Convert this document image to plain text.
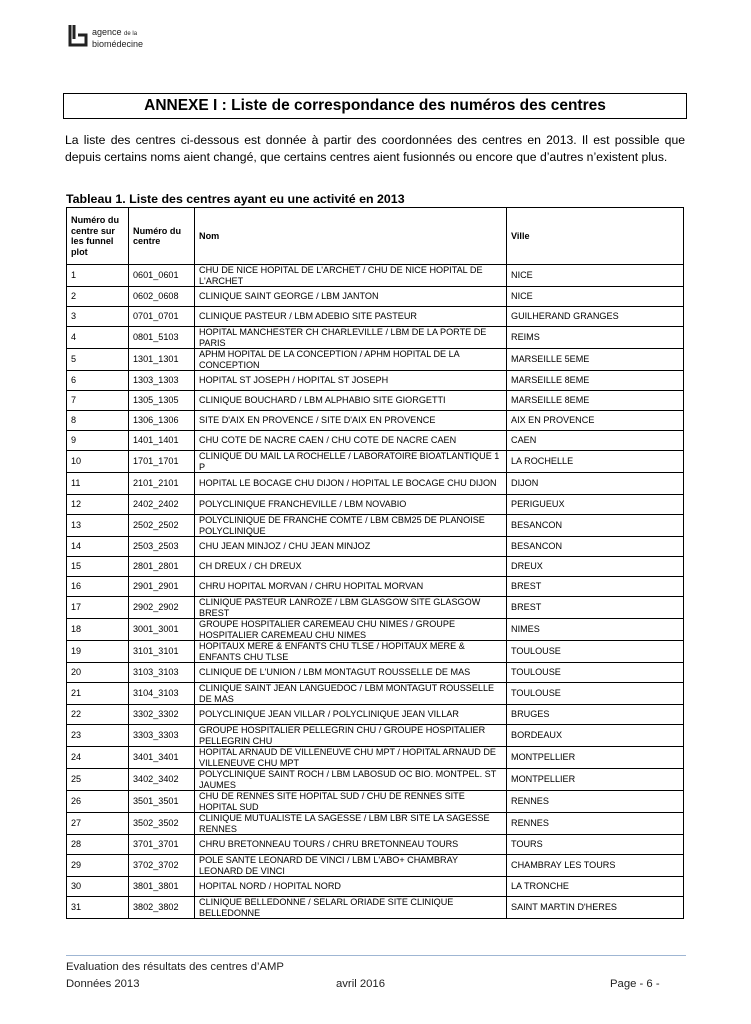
agence de la
biomédecine
ANNEXE I : Liste de correspondance des numéros des centres
La liste des centres ci-dessous est donnée à partir des coordonnées des centres en 2013. Il est possible que depuis certains noms aient changé, que certains centres aient fusionnés ou encore que d’autres n’existent plus.
Tableau 1. Liste des centres ayant eu une activité en 2013
Numéro du centre sur les funnel plot	Numéro du centre	Nom	Ville
1	0601_0601	CHU DE NICE HOPITAL DE L'ARCHET / CHU DE NICE HOPITAL DE L'ARCHET	NICE
2	0602_0608	CLINIQUE SAINT GEORGE / LBM JANTON	NICE
3	0701_0701	CLINIQUE PASTEUR / LBM ADEBIO SITE PASTEUR	GUILHERAND GRANGES
4	0801_5103	HOPITAL MANCHESTER CH CHARLEVILLE / LBM DE LA PORTE DE PARIS	REIMS
5	1301_1301	APHM HOPITAL DE LA CONCEPTION / APHM HOPITAL DE LA CONCEPTION	MARSEILLE 5EME
6	1303_1303	HOPITAL ST JOSEPH / HOPITAL ST JOSEPH	MARSEILLE 8EME
7	1305_1305	CLINIQUE BOUCHARD / LBM ALPHABIO SITE GIORGETTI	MARSEILLE 8EME
8	1306_1306	SITE D'AIX EN PROVENCE / SITE D'AIX EN PROVENCE	AIX EN PROVENCE
9	1401_1401	CHU COTE DE NACRE CAEN / CHU COTE DE NACRE CAEN	CAEN
10	1701_1701	CLINIQUE DU MAIL LA ROCHELLE / LABORATOIRE BIOATLANTIQUE 1 P	LA ROCHELLE
11	2101_2101	HOPITAL LE BOCAGE CHU DIJON / HOPITAL LE BOCAGE CHU DIJON	DIJON
12	2402_2402	POLYCLINIQUE FRANCHEVILLE / LBM NOVABIO	PERIGUEUX
13	2502_2502	POLYCLINIQUE DE FRANCHE COMTE / LBM CBM25 DE PLANOISE POLYCLINIQUE	BESANCON
14	2503_2503	CHU JEAN MINJOZ / CHU JEAN MINJOZ	BESANCON
15	2801_2801	CH DREUX / CH DREUX	DREUX
16	2901_2901	CHRU HOPITAL MORVAN / CHRU HOPITAL MORVAN	BREST
17	2902_2902	CLINIQUE PASTEUR LANROZE / LBM GLASGOW SITE GLASGOW BREST	BREST
18	3001_3001	GROUPE HOSPITALIER CAREMEAU CHU NIMES / GROUPE HOSPITALIER CAREMEAU CHU NIMES	NIMES
19	3101_3101	HOPITAUX MERE & ENFANTS CHU TLSE / HOPITAUX MERE & ENFANTS CHU TLSE	TOULOUSE
20	3103_3103	CLINIQUE DE L'UNION / LBM MONTAGUT ROUSSELLE DE MAS	TOULOUSE
21	3104_3103	CLINIQUE SAINT JEAN LANGUEDOC / LBM MONTAGUT ROUSSELLE DE MAS	TOULOUSE
22	3302_3302	POLYCLINIQUE JEAN VILLAR / POLYCLINIQUE JEAN VILLAR	BRUGES
23	3303_3303	GROUPE HOSPITALIER PELLEGRIN CHU / GROUPE HOSPITALIER PELLEGRIN CHU	BORDEAUX
24	3401_3401	HOPITAL ARNAUD DE VILLENEUVE CHU MPT / HOPITAL ARNAUD DE VILLENEUVE CHU MPT	MONTPELLIER
25	3402_3402	POLYCLINIQUE SAINT ROCH / LBM LABOSUD OC BIO. MONTPEL. ST JAUMES	MONTPELLIER
26	3501_3501	CHU DE RENNES SITE HOPITAL SUD / CHU DE RENNES SITE HOPITAL SUD	RENNES
27	3502_3502	CLINIQUE MUTUALISTE LA SAGESSE / LBM LBR SITE LA SAGESSE RENNES	RENNES
28	3701_3701	CHRU BRETONNEAU TOURS / CHRU BRETONNEAU TOURS	TOURS
29	3702_3702	POLE SANTE LEONARD DE VINCI / LBM L'ABO+ CHAMBRAY LEONARD DE VINCI	CHAMBRAY LES TOURS
30	3801_3801	HOPITAL NORD / HOPITAL NORD	LA TRONCHE
31	3802_3802	CLINIQUE BELLEDONNE / SELARL ORIADE SITE CLINIQUE BELLEDONNE	SAINT MARTIN D'HERES
Evaluation des résultats des centres d’AMP
Données 2013	avril 2016	Page - 6 -
